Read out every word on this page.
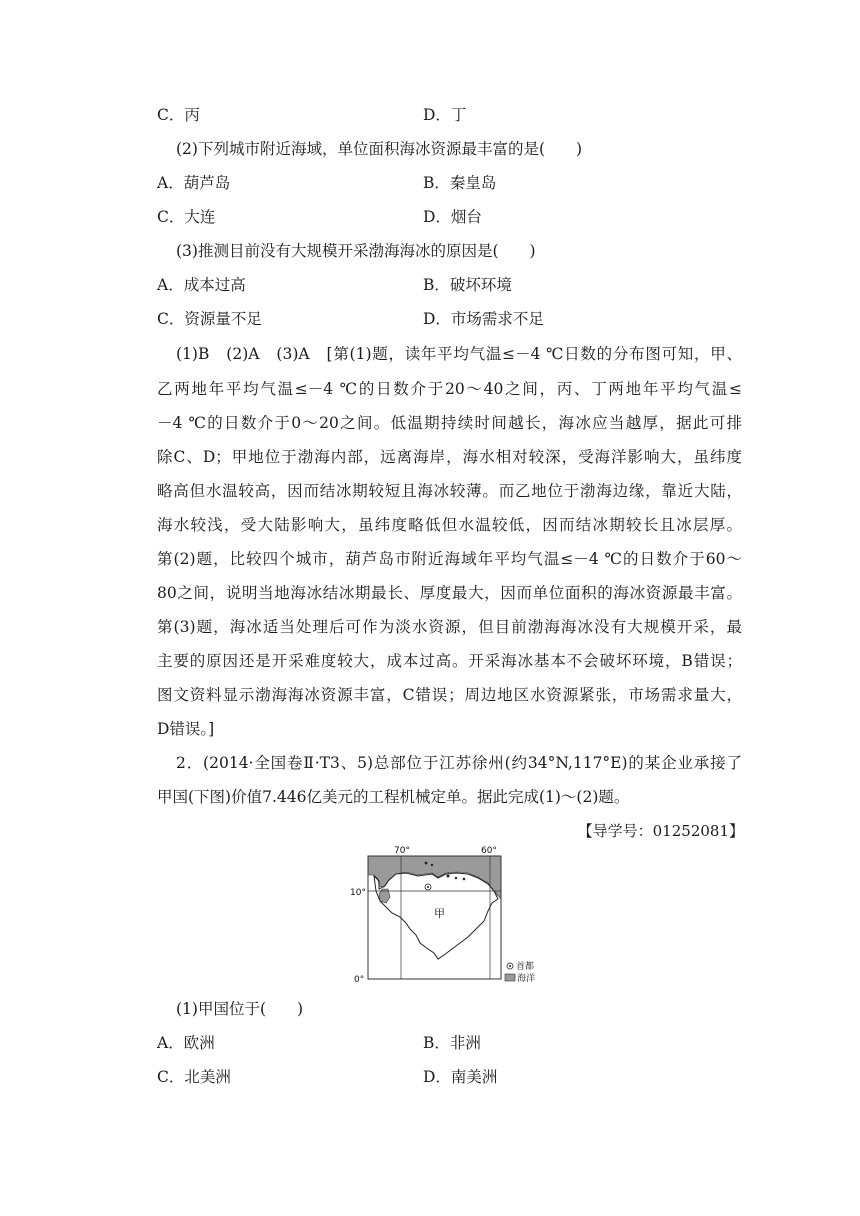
C．丙	D．丁
(2)下列城市附近海域，单位面积海冰资源最丰富的是(　　)
A．葫芦岛	B．秦皇岛
C．大连	D．烟台
(3)推测目前没有大规模开采渤海海冰的原因是(　　)
A．成本过高	B．破坏环境
C．资源量不足	D．市场需求不足
(1)B　(2)A　(3)A　[第(1)题，读年平均气温≤－4 ℃日数的分布图可知，甲、
乙两地年平均气温≤－4 ℃的日数介于20～40之间，丙、丁两地年平均气温≤
－4 ℃的日数介于0～20之间。低温期持续时间越长，海冰应当越厚，据此可排
除C、D；甲地位于渤海内部，远离海岸，海水相对较深，受海洋影响大，虽纬度
略高但水温较高，因而结冰期较短且海冰较薄。而乙地位于渤海边缘，靠近大陆，
海水较浅，受大陆影响大，虽纬度略低但水温较低，因而结冰期较长且冰层厚。
第(2)题，比较四个城市，葫芦岛市附近海域年平均气温≤－4 ℃的日数介于60～
80之间，说明当地海冰结冰期最长、厚度最大，因而单位面积的海冰资源最丰富。
第(3)题，海冰适当处理后可作为淡水资源，但目前渤海海冰没有大规模开采，最
主要的原因还是开采难度较大，成本过高。开采海冰基本不会破坏环境，B错误；
图文资料显示渤海海冰资源丰富，C错误；周边地区水资源紧张，市场需求量大，
D错误。]
2．(2014·全国卷Ⅱ·T3、5)总部位于江苏徐州(约34°N,117°E)的某企业承接了
甲国(下图)价值7.446亿美元的工程机械定单。据此完成(1)～(2)题。
【导学号：01252081】
70°	60°
10°
0°
甲
首都
海洋
(1)甲国位于(　　)
A．欧洲	B．非洲
C．北美洲	D．南美洲
